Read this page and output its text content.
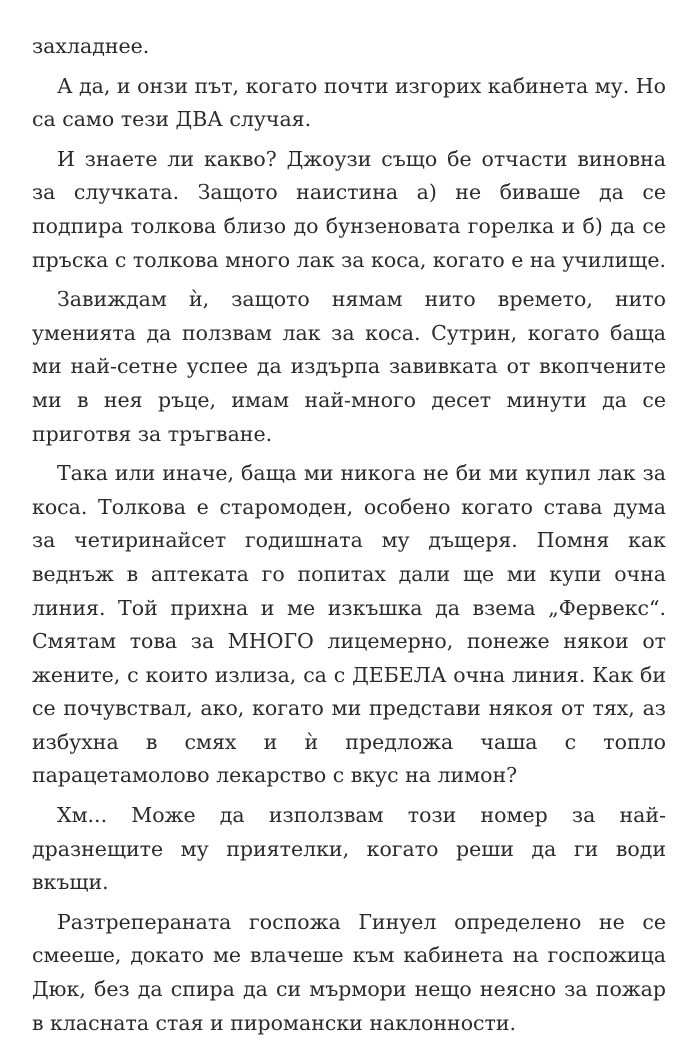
захладнее.

А да, и онзи път, когато почти изгорих кабинета му. Но са само тези ДВА случая.

И знаете ли какво? Джоузи също бе отчасти виновна за случката. Защото наистина а) не биваше да се подпира толкова близо до бунзеновата горелка и б) да се пръска с толкова много лак за коса, когато е на училище.

Завиждам ѝ, защото нямам нито времето, нито уменията да ползвам лак за коса. Сутрин, когато баща ми най-сетне успее да издърпа завивката от вкопчените ми в нея ръце, имам най-много десет минути да се приготвя за тръгване.

Така или иначе, баща ми никога не би ми купил лак за коса. Толкова е старомоден, особено когато става дума за четиринайсет годишната му дъщеря. Помня как веднъж в аптеката го попитах дали ще ми купи очна линия. Той прихна и ме изкъшка да взема „Фервекс“. Смятам това за МНОГО лицемерно, понеже някои от жените, с които излиза, са с ДЕБЕЛА очна линия. Как би се почувствал, ако, когато ми представи някоя от тях, аз избухна в смях и ѝ предложа чаша с топло парацетамолово лекарство с вкус на лимон?

Хм... Може да използвам този номер за най-дразнещите му приятелки, когато реши да ги води вкъщи.

Разтрепераната госпожа Гинуел определено не се смееше, докато ме влачеше към кабинета на госпожица Дюк, без да спира да си мърмори нещо неясно за пожар в класната стая и пиромански наклонности.
